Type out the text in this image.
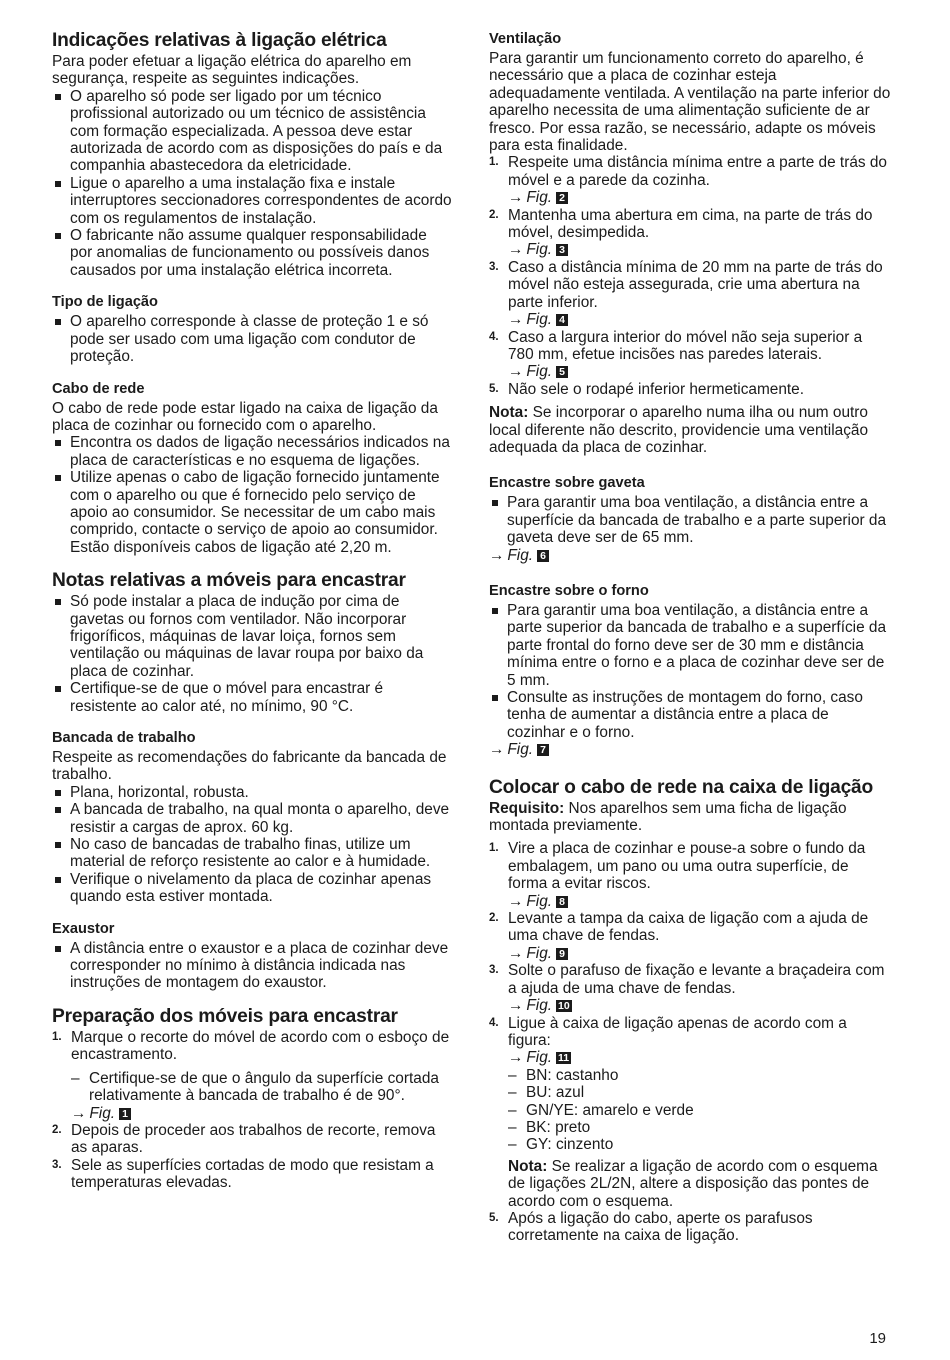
Indicações relativas à ligação elétrica

Para poder efetuar a ligação elétrica do aparelho em segurança, respeite as seguintes indicações.

O aparelho só pode ser ligado por um técnico profissional autorizado ou um técnico de assistência com formação especializada. A pessoa deve estar autorizada de acordo com as disposições do país e da companhia abastecedora da eletricidade.
Ligue o aparelho a uma instalação fixa e instale interruptores seccionadores correspondentes de acordo com os regulamentos de instalação.
O fabricante não assume qualquer responsabilidade por anomalias de funcionamento ou possíveis danos causados por uma instalação elétrica incorreta.
Tipo de ligação
O aparelho corresponde à classe de proteção 1 e só pode ser usado com uma ligação com condutor de proteção.
Cabo de rede

O cabo de rede pode estar ligado na caixa de ligação da placa de cozinhar ou fornecido com o aparelho.

Encontra os dados de ligação necessários indicados na placa de características e no esquema de ligações.
Utilize apenas o cabo de ligação fornecido juntamente com o aparelho ou que é fornecido pelo serviço de apoio ao consumidor. Se necessitar de um cabo mais comprido, contacte o serviço de apoio ao consumidor. Estão disponíveis cabos de ligação até 2,20 m.
Notas relativas a móveis para encastrar
Só pode instalar a placa de indução por cima de gavetas ou fornos com ventilador. Não incorporar frigoríficos, máquinas de lavar loiça, fornos sem ventilação ou máquinas de lavar roupa por baixo da placa de cozinhar.
Certifique-se de que o móvel para encastrar é resistente ao calor até, no mínimo, 90 °C.
Bancada de trabalho

Respeite as recomendações do fabricante da bancada de trabalho.

Plana, horizontal, robusta.
A bancada de trabalho, na qual monta o aparelho, deve resistir a cargas de aprox. 60 kg.
No caso de bancadas de trabalho finas, utilize um material de reforço resistente ao calor e à humidade.
Verifique o nivelamento da placa de cozinhar apenas quando esta estiver montada.
Exaustor
A distância entre o exaustor e a placa de cozinhar deve corresponder no mínimo à distância indicada nas instruções de montagem do exaustor.
Preparação dos móveis para encastrar
1. Marque o recorte do móvel de acordo com o esboço de encastramento.
– Certifique-se de que o ângulo da superfície cortada relativamente à bancada de trabalho é de 90°.
→ Fig. 1
2. Depois de proceder aos trabalhos de recorte, remova as aparas.
3. Sele as superfícies cortadas de modo que resistam a temperaturas elevadas.
Ventilação

Para garantir um funcionamento correto do aparelho, é necessário que a placa de cozinhar esteja adequadamente ventilada. A ventilação na parte inferior do aparelho necessita de uma alimentação suficiente de ar fresco. Por essa razão, se necessário, adapte os móveis para esta finalidade.

1. Respeite uma distância mínima entre a parte de trás do móvel e a parede da cozinha.
→ Fig. 2
2. Mantenha uma abertura em cima, na parte de trás do móvel, desimpedida.
→ Fig. 3
3. Caso a distância mínima de 20 mm na parte de trás do móvel não esteja assegurada, crie uma abertura na parte inferior.
→ Fig. 4
4. Caso a largura interior do móvel não seja superior a 780 mm, efetue incisões nas paredes laterais.
→ Fig. 5
5. Não sele o rodapé inferior hermeticamente.

Nota: Se incorporar o aparelho numa ilha ou num outro local diferente não descrito, providencie uma ventilação adequada da placa de cozinhar.

Encastre sobre gaveta
Para garantir uma boa ventilação, a distância entre a superfície da bancada de trabalho e a parte superior da gaveta deve ser de 65 mm.
→ Fig. 6
Encastre sobre o forno
Para garantir uma boa ventilação, a distância entre a parte superior da bancada de trabalho e a superfície da parte frontal do forno deve ser de 30 mm e distância mínima entre o forno e a placa de cozinhar deve ser de 5 mm.
Consulte as instruções de montagem do forno, caso tenha de aumentar a distância entre a placa de cozinhar e o forno.
→ Fig. 7
Colocar o cabo de rede na caixa de ligação

Requisito: Nos aparelhos sem uma ficha de ligação montada previamente.

1. Vire a placa de cozinhar e pouse-a sobre o fundo da embalagem, um pano ou uma outra superfície, de forma a evitar riscos.
→ Fig. 8
2. Levante a tampa da caixa de ligação com a ajuda de uma chave de fendas.
→ Fig. 9
3. Solte o parafuso de fixação e levante a braçadeira com a ajuda de uma chave de fendas.
→ Fig. 10
4. Ligue à caixa de ligação apenas de acordo com a figura:
→ Fig. 11
– BN: castanho
– BU: azul
– GN/YE: amarelo e verde
– BK: preto
– GY: cinzento

Nota: Se realizar a ligação de acordo com o esquema de ligações 2L/2N, altere a disposição das pontes de acordo com o esquema.

5. Após a ligação do cabo, aperte os parafusos corretamente na caixa de ligação.
19
